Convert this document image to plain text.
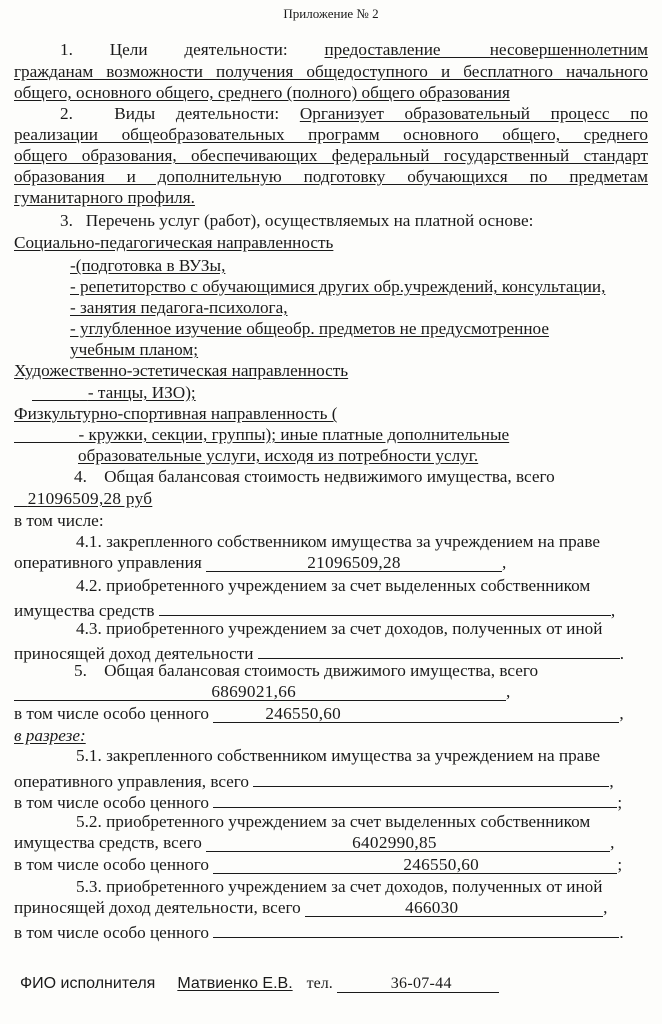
Приложение № 2
1.   Цели   деятельности: предоставление    несовершеннолетним
гражданам возможности получения общедоступного и бесплатного начального
общего, основного общего, среднего (полного) общего образования
2.  Виды деятельности: Организует образовательный процесс по
реализации общеобразовательных программ основного общего, среднего
общего образования, обеспечивающих федеральный государственный стандарт
образования и дополнительную подготовку обучающихся по предметам
гуманитарного профиля.
3.   Перечень услуг (работ), осуществляемых на платной основе:
Социально-педагогическая направленность
-(подготовка в ВУЗы,
- репетиторство с обучающимися других обр.учреждений, консультации,
- занятия педагога-психолога,
- углубленное изучение общеобр. предметов не предусмотренное
учебным планом;
Художественно-эстетическая направленность
- танцы, ИЗО);
Физкультурно-спортивная направленность (
- кружки, секции, группы); иные платные дополнительные
образовательные услуги, исходя из потребности услуг.
4.    Общая балансовая стоимость недвижимого имущества, всего
21096509,28 руб
в том числе:
4.1. закрепленного собственником имущества за учреждением на праве
оперативного управления	21096509,28	,
4.2. приобретенного учреждением за счет выделенных собственником
имущества средств	,
4.3. приобретенного учреждением за счет доходов, полученных от иной
приносящей доход деятельности	.
5.    Общая балансовая стоимость движимого имущества, всего
6869021,66	,
в том числе особо ценного	246550,60	,
в разрезе:
5.1. закрепленного собственником имущества за учреждением на праве
оперативного управления, всего	,
в том числе особо ценного	;
5.2. приобретенного учреждением за счет выделенных собственником
имущества средств, всего	6402990,85	,
в том числе особо ценного	246550,60	;
5.3. приобретенного учреждением за счет доходов, полученных от иной
приносящей доход деятельности, всего	466030	,
в том числе особо ценного	.
ФИО исполнителя Матвиенко Е.В. тел.	36-07-44
